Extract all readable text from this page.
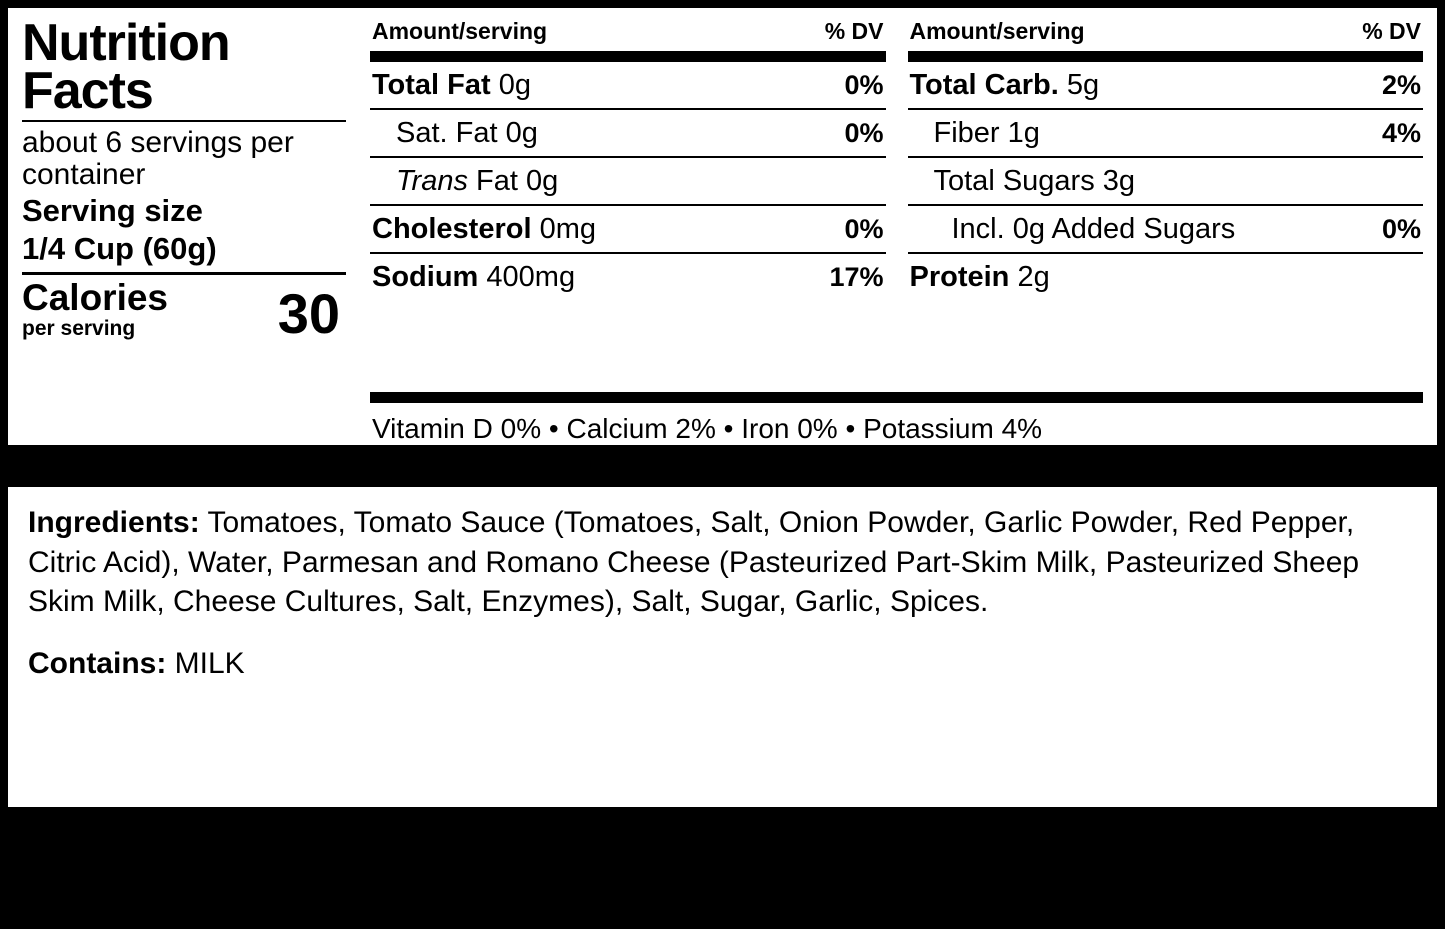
Nutrition
Facts
about 6 servings per container
Serving size
1/4 Cup (60g)
Calories
per serving	30
Amount/serving	% DV
Total Fat 0g	0%
Sat. Fat 0g	0%
Trans Fat 0g
Cholesterol 0mg	0%
Sodium 400mg	17%
Amount/serving	% DV
Total Carb. 5g	2%
Fiber 1g	4%
Total Sugars 3g
Incl. 0g Added Sugars	0%
Protein 2g
Vitamin D 0% • Calcium 2% • Iron 0% • Potassium 4%

Ingredients: Tomatoes, Tomato Sauce (Tomatoes, Salt, Onion Powder, Garlic Powder, Red Pepper, Citric Acid), Water, Parmesan and Romano Cheese (Pasteurized Part-Skim Milk, Pasteurized Sheep Skim Milk, Cheese Cultures, Salt, Enzymes), Salt, Sugar, Garlic, Spices.

Contains: MILK
